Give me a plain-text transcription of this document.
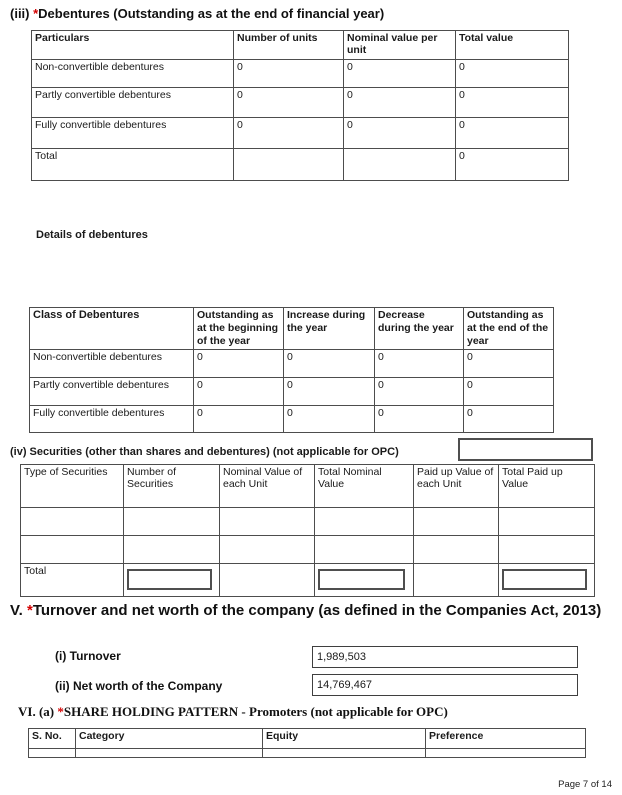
(iii) *Debentures (Outstanding as at the end of financial year)
Particulars	Number of units	Nominal value per unit	Total value
Non-convertible debentures	0	0	0
Partly convertible debentures	0	0	0
Fully convertible debentures	0	0	0
Total			0
Details of debentures
Class of Debentures	Outstanding as at the beginning of the year	Increase during the year	Decrease during the year	Outstanding as at the end of the year
Non-convertible debentures	0	0	0	0
Partly convertible debentures	0	0	0	0
Fully convertible debentures	0	0	0	0
(iv) Securities (other than shares and debentures) (not applicable for OPC)
Type of Securities	Number of Securities	Nominal Value of each Unit	Total Nominal Value	Paid up Value of each Unit	Total Paid up Value

Total	

V. *Turnover and net worth of the company (as defined in the Companies Act, 2013)
(i) Turnover
1,989,503
(ii) Net worth of the Company
14,769,467
VI. (a) *SHARE HOLDING PATTERN - Promoters (not applicable for OPC)
S. No.	Category	Equity	Preference

Page 7 of 14
